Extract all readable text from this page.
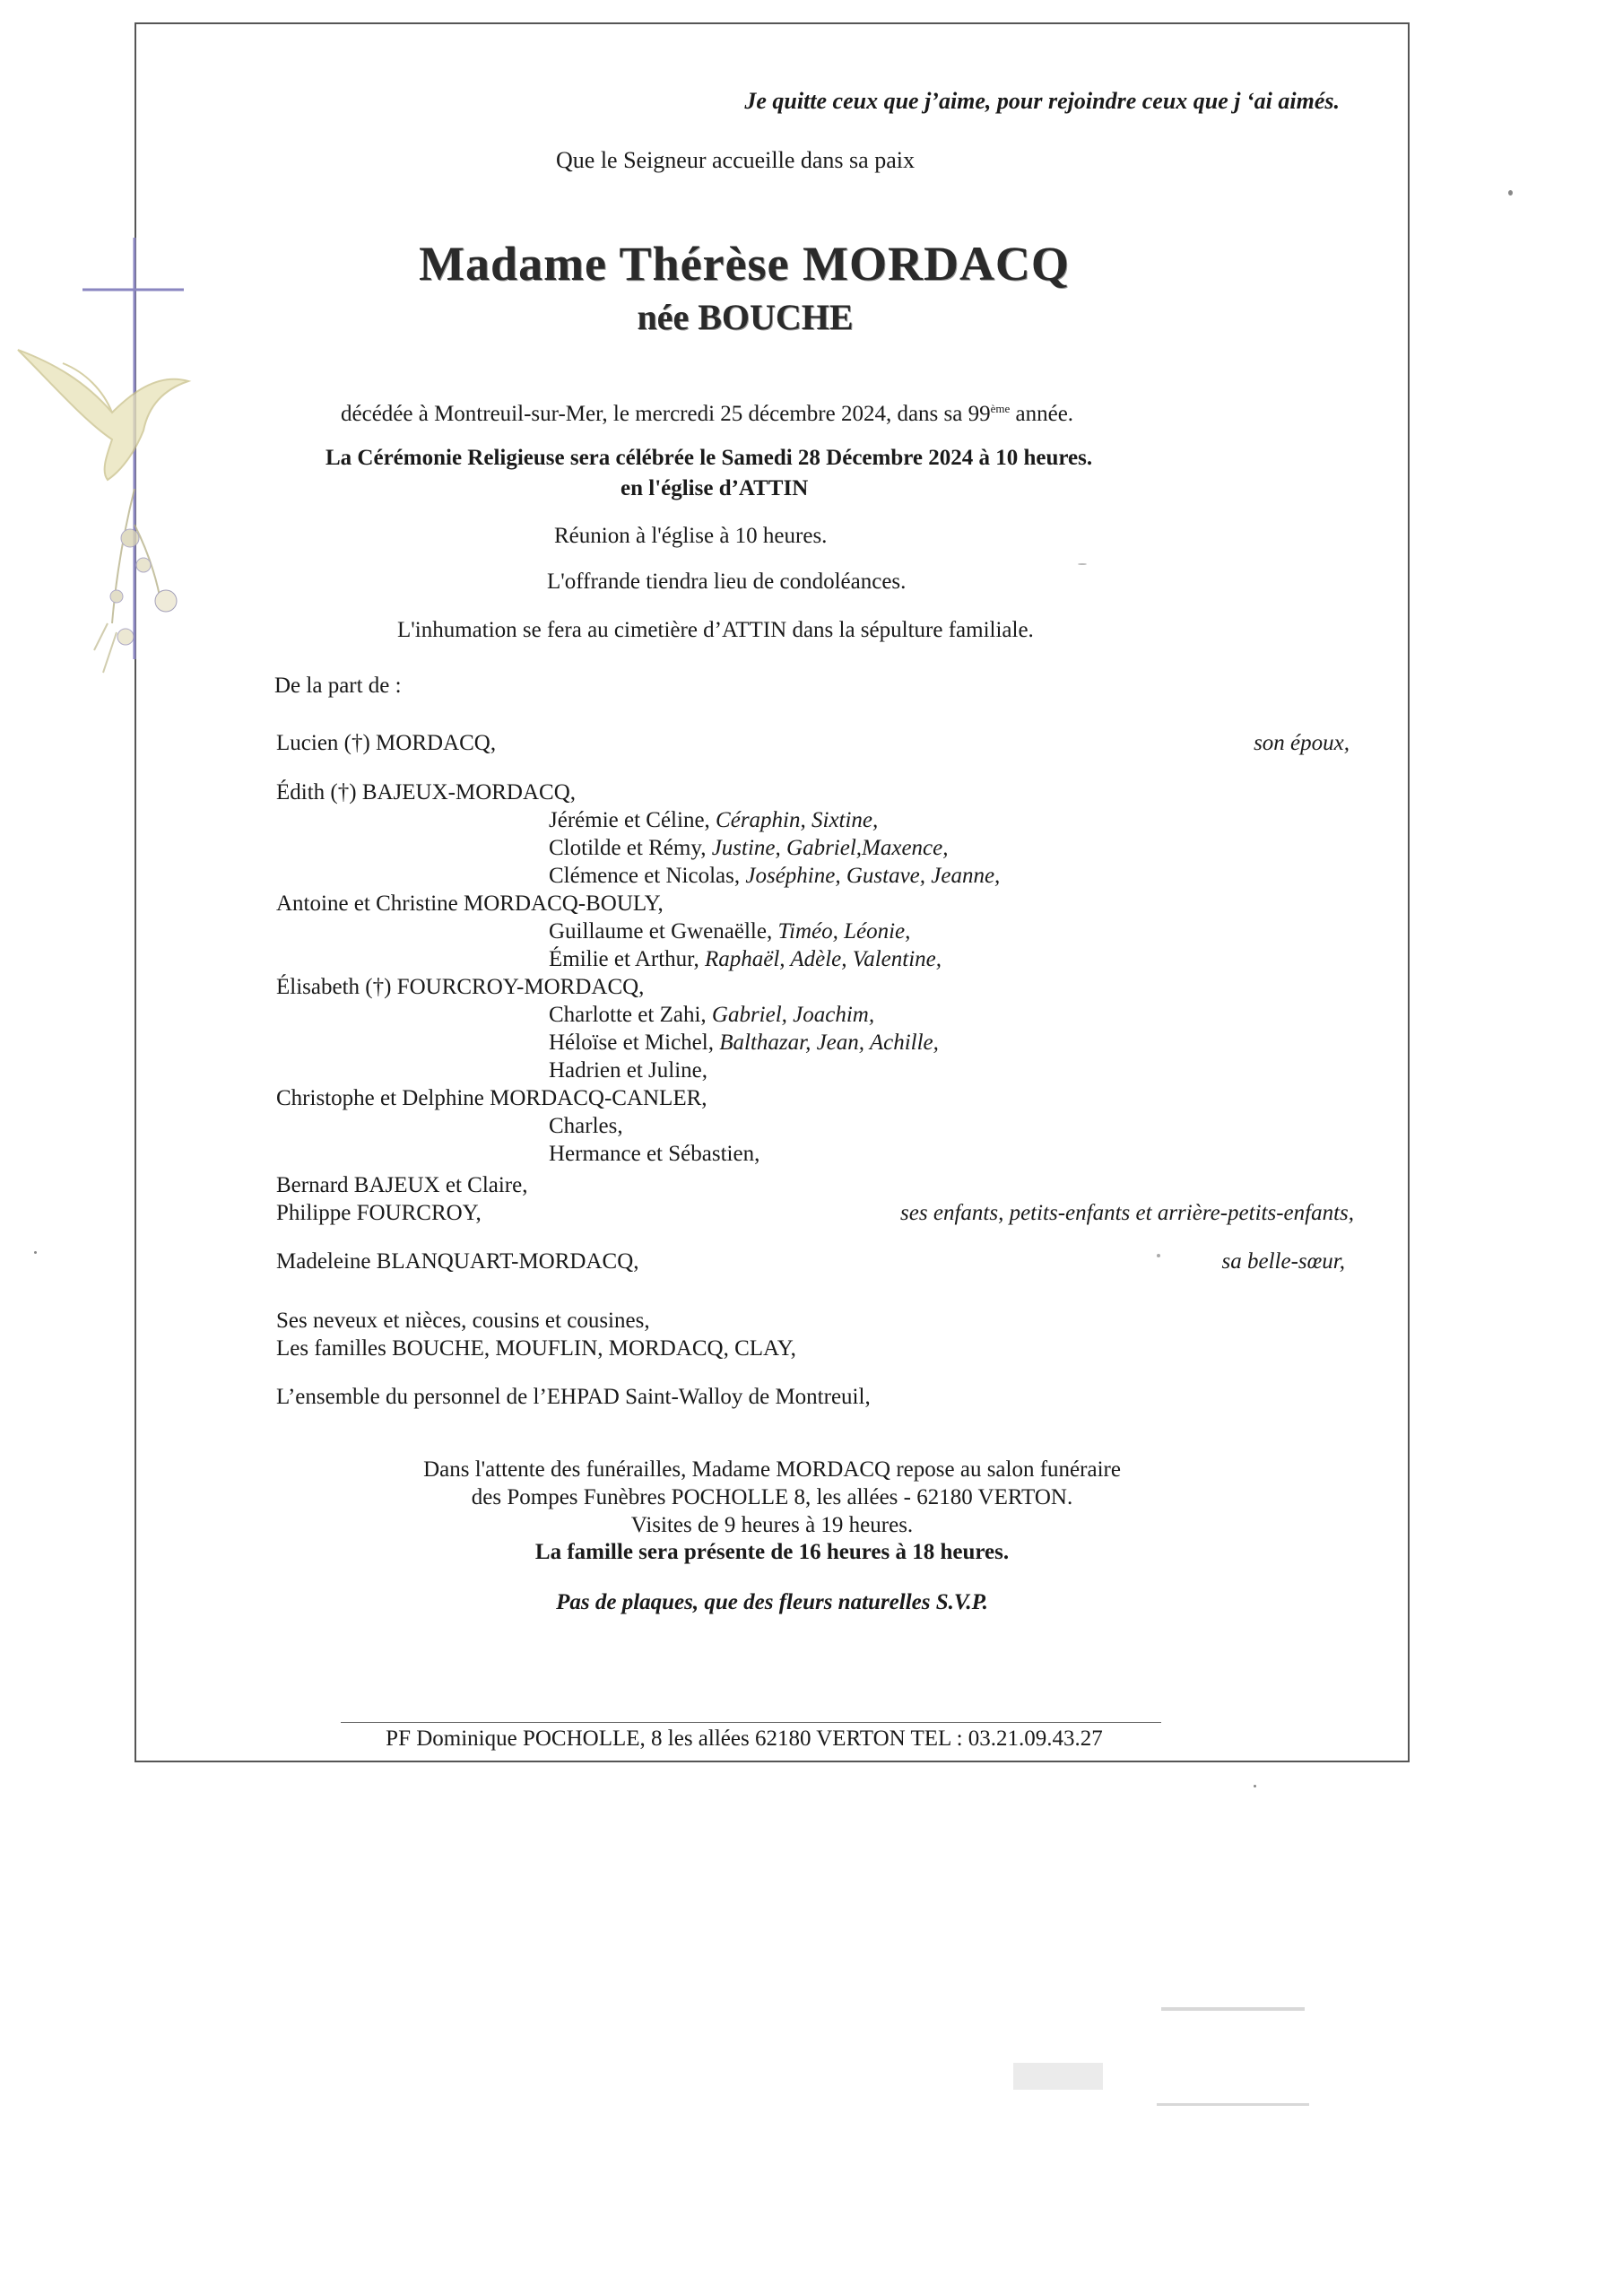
Je quitte ceux que j’aime, pour rejoindre ceux que j ‘ai aimés.
Que le Seigneur accueille dans sa paix
Madame Thérèse MORDACQ
née BOUCHE
décédée à Montreuil-sur-Mer, le mercredi 25 décembre 2024, dans sa 99ème année.
La Cérémonie Religieuse sera célébrée le Samedi 28 Décembre 2024 à 10 heures.
en l'église d’ATTIN
Réunion à l'église à 10 heures.
L'offrande tiendra lieu de condoléances.
L'inhumation se fera au cimetière d’ATTIN dans la sépulture familiale.
De la part de :
Lucien (†) MORDACQ,	son époux,
Édith (†) BAJEUX-MORDACQ,
Jérémie et Céline, Céraphin, Sixtine,
Clotilde et Rémy, Justine, Gabriel,Maxence,
Clémence et Nicolas, Joséphine, Gustave, Jeanne,
Antoine et Christine MORDACQ-BOULY,
Guillaume et Gwenaëlle, Timéo, Léonie,
Émilie et Arthur, Raphaël, Adèle, Valentine,
Élisabeth (†) FOURCROY-MORDACQ,
Charlotte et Zahi, Gabriel, Joachim,
Héloïse et Michel, Balthazar, Jean, Achille,
Hadrien et Juline,
Christophe et Delphine MORDACQ-CANLER,
Charles,
Hermance et Sébastien,
Bernard BAJEUX et Claire,
Philippe FOURCROY,	ses enfants, petits-enfants et arrière-petits-enfants,
Madeleine BLANQUART-MORDACQ,	sa belle-sœur,
Ses neveux et nièces, cousins et cousines,
Les familles BOUCHE, MOUFLIN, MORDACQ, CLAY,
L’ensemble du personnel de l’EHPAD Saint-Walloy de Montreuil,
Dans l'attente des funérailles, Madame MORDACQ repose au salon funéraire
des Pompes Funèbres POCHOLLE 8, les allées - 62180 VERTON.
Visites de 9 heures à 19 heures.
La famille sera présente de 16 heures à 18 heures.
Pas de plaques, que des fleurs naturelles S.V.P.
PF Dominique POCHOLLE, 8 les allées 62180 VERTON TEL : 03.21.09.43.27
